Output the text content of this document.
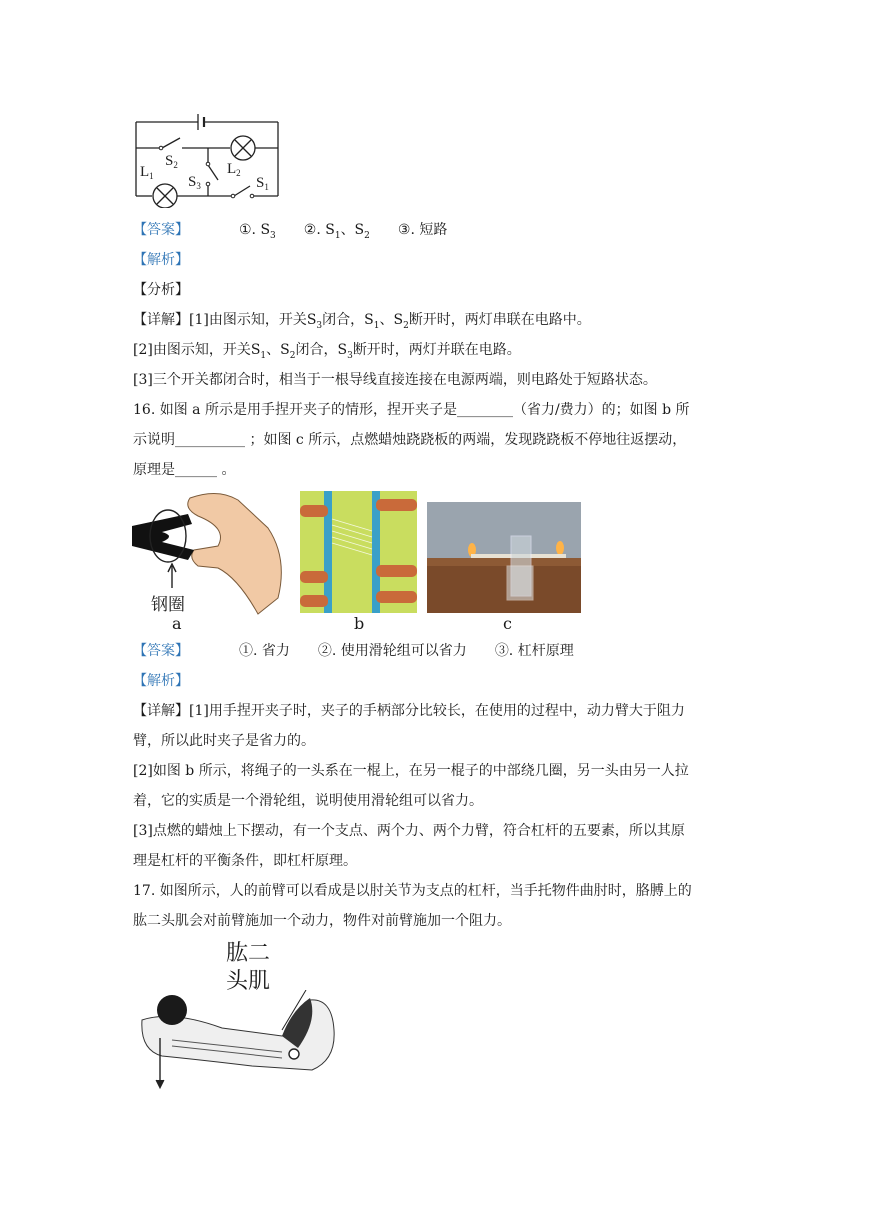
$L_1$
$S_2$
$S_3$
$L_2$
$S_1$
【答案】	①. $S_3$ ②. $S_1$、$S_2$ ③. 短路
【解析】
【分析】
【详解】[1]由图示知，开关$S_3$闭合，$S_1$、$S_2$断开时，两灯串联在电路中。
[2]由图示知，开关$S_1$、$S_2$闭合，$S_3$断开时，两灯并联在电路。
[3]三个开关都闭合时，相当于一根导线直接连接在电源两端，则电路处于短路状态。
16. 如图 a 所示是用手捏开夹子的情形，捏开夹子是________（省力/费力）的；如图 b 所
示说明__________ ；如图 c 所示，点燃蜡烛跷跷板的两端，发现跷跷板不停地往返摆动，
原理是______ 。
钢圈
a	b	c
【答案】	①. 省力 ②. 使用滑轮组可以省力 ③. 杠杆原理
【解析】
【详解】[1]用手捏开夹子时，夹子的手柄部分比较长，在使用的过程中，动力臂大于阻力
臂，所以此时夹子是省力的。
[2]如图 b 所示，将绳子的一头系在一棍上，在另一棍子的中部绕几圈，另一头由另一人拉
着，它的实质是一个滑轮组，说明使用滑轮组可以省力。
[3]点燃的蜡烛上下摆动，有一个支点、两个力、两个力臂，符合杠杆的五要素，所以其原
理是杠杆的平衡条件，即杠杆原理。
17. 如图所示，人的前臂可以看成是以肘关节为支点的杠杆，当手托物件曲肘时，胳膊上的
肱二头肌会对前臂施加一个动力，物件对前臂施加一个阻力。
肱二
头肌
